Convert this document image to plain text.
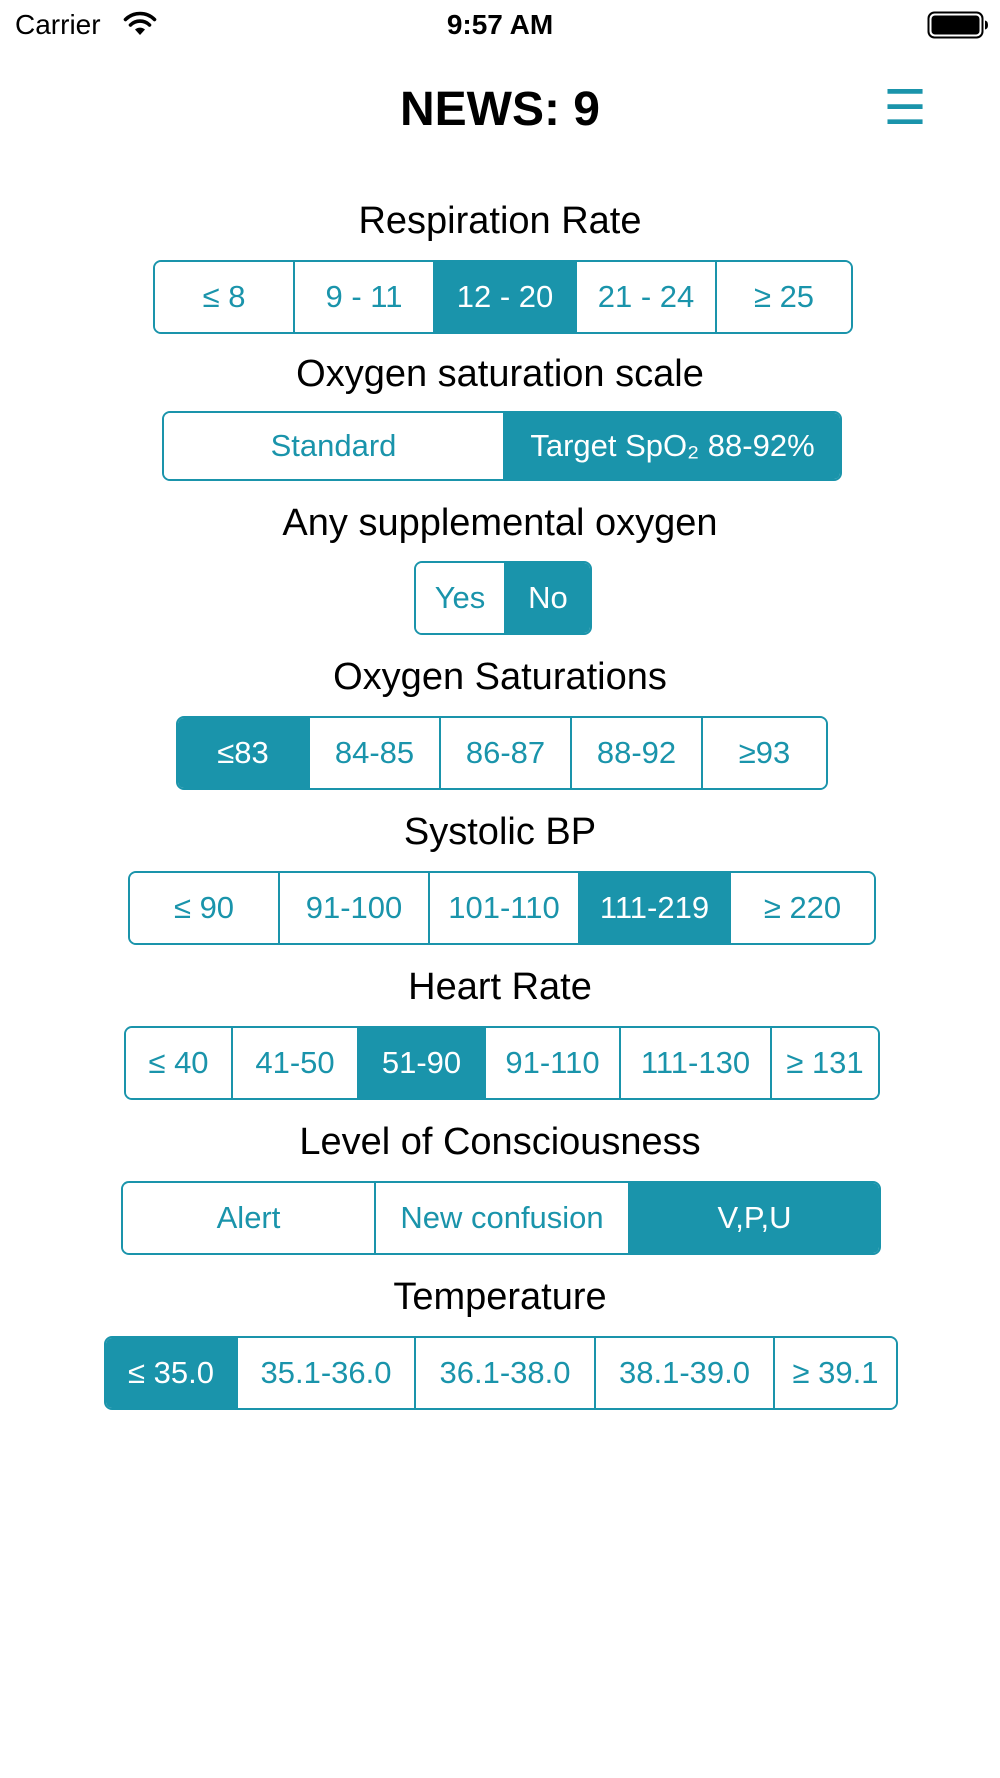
Carrier	9:57 AM
NEWS: 9	☰
Respiration Rate
≤ 8	9 - 11	12 - 20	21 - 24	≥ 25
Oxygen saturation scale
Standard	Target SpO₂ 88-92%
Any supplemental oxygen
Yes	No
Oxygen Saturations
≤83	84-85	86-87	88-92	≥93
Systolic BP
≤ 90	91-100	101-110	111-219	≥ 220
Heart Rate
≤ 40	41-50	51-90	91-110	111-130	≥ 131
Level of Consciousness
Alert	New confusion	V,P,U
Temperature
≤ 35.0	35.1-36.0	36.1-38.0	38.1-39.0	≥ 39.1
